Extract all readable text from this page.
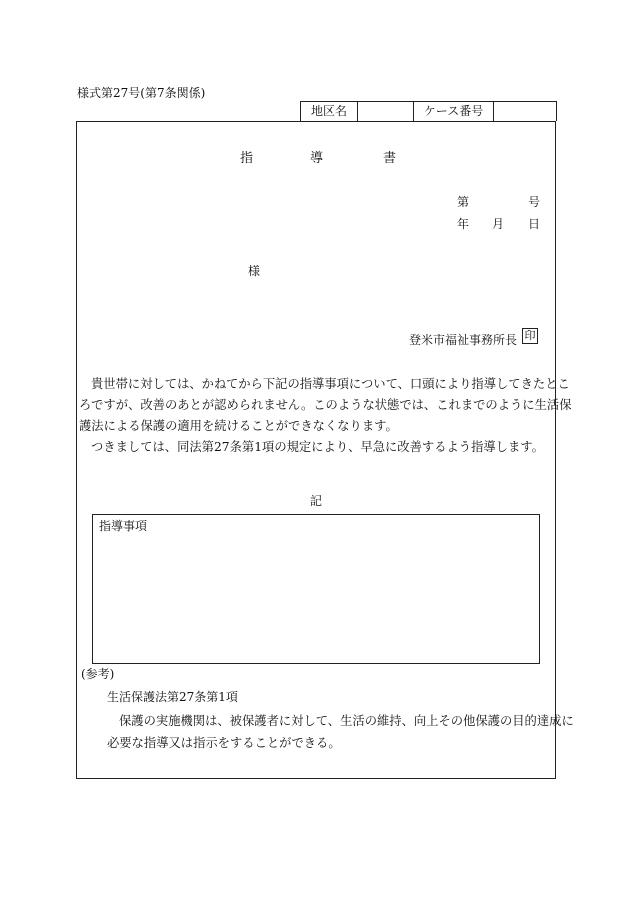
様式第27号(第7条関係)
地区名	ケース番号
指	導	書
第	号
年 月 日
様
登米市福祉事務所長 印
貴世帯に対しては、かねてから下記の指導事項について、口頭により指導してきたとこ
ろですが、改善のあとが認められません。このような状態では、これまでのように生活保
護法による保護の適用を続けることができなくなります。
つきましては、同法第27条第1項の規定により、早急に改善するよう指導します。
記
指導事項
(参考)
生活保護法第27条第1項
保護の実施機関は、被保護者に対して、生活の維持、向上その他保護の目的達成に
必要な指導又は指示をすることができる。
